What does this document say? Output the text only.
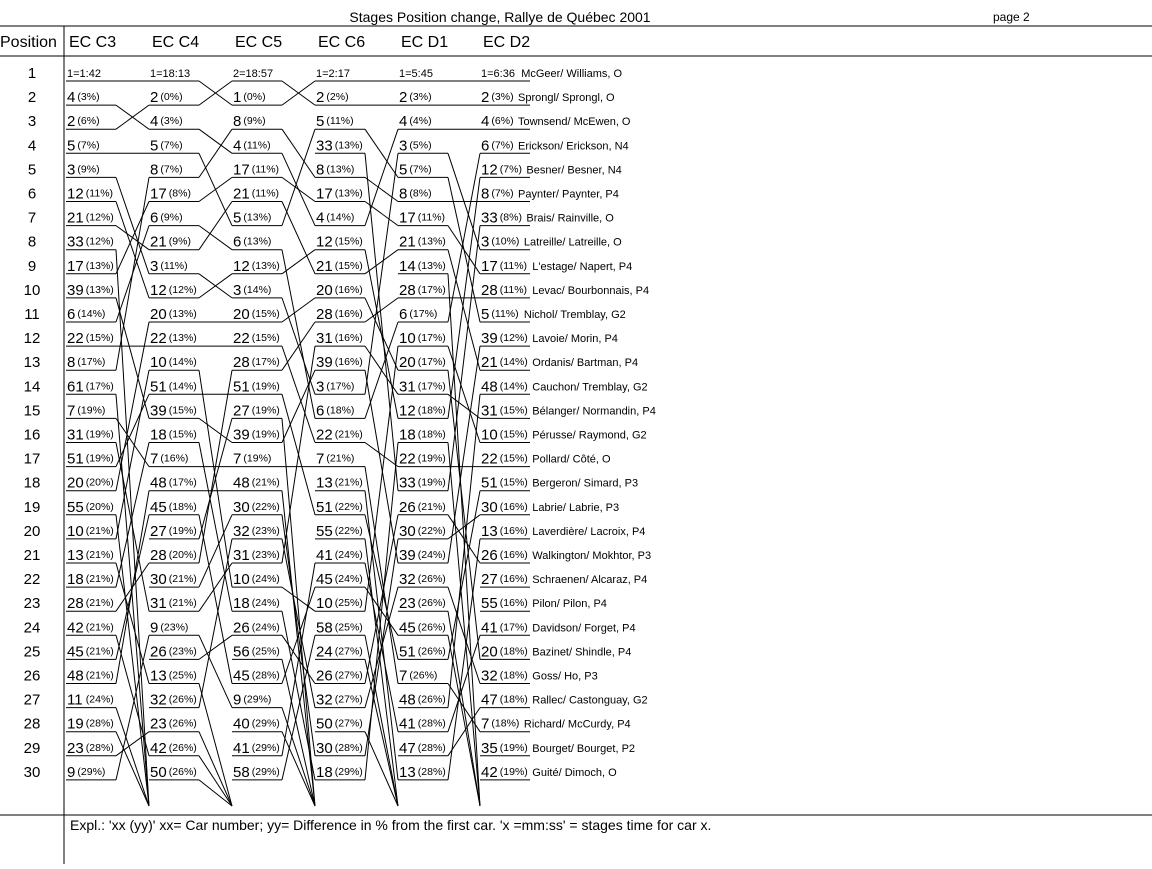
Stages Position change, Rallye de Québec 2001	page 2
Expl.: 'xx (yy)' xx= Car number; yy= Difference in % from the first car. 'x =mm:ss' = stages time for car x.
Position
1
2
3
4
5
6
7
8
9
10
11
12
13
14
15
16
17
18
19
20
21
22
23
24
25
26
27
28
29
30
EC C3
1=1:42
4 (3%)
2 (6%)
5 (7%)
3 (9%)
12 (11%)
21 (12%)
33 (12%)
17 (13%)
39 (13%)
6 (14%)
22 (15%)
8 (17%)
61 (17%)
7 (19%)
31 (19%)
51 (19%)
20 (20%)
55 (20%)
10 (21%)
13 (21%)
18 (21%)
28 (21%)
42 (21%)
45 (21%)
48 (21%)
11 (24%)
19 (28%)
23 (28%)
9 (29%)
EC C4
1=18:13
2 (0%)
4 (3%)
5 (7%)
8 (7%)
17 (8%)
6 (9%)
21 (9%)
3 (11%)
12 (12%)
20 (13%)
22 (13%)
10 (14%)
51 (14%)
39 (15%)
18 (15%)
7 (16%)
48 (17%)
45 (18%)
27 (19%)
28 (20%)
30 (21%)
31 (21%)
9 (23%)
26 (23%)
13 (25%)
32 (26%)
23 (26%)
42 (26%)
50 (26%)
EC C5
2=18:57
1 (0%)
8 (9%)
4 (11%)
17 (11%)
21 (11%)
5 (13%)
6 (13%)
12 (13%)
3 (14%)
20 (15%)
22 (15%)
28 (17%)
51 (19%)
27 (19%)
39 (19%)
7 (19%)
48 (21%)
30 (22%)
32 (23%)
31 (23%)
10 (24%)
18 (24%)
26 (24%)
56 (25%)
45 (28%)
9 (29%)
40 (29%)
41 (29%)
58 (29%)
EC C6
1=2:17
2 (2%)
5 (11%)
33 (13%)
8 (13%)
17 (13%)
4 (14%)
12 (15%)
21 (15%)
20 (16%)
28 (16%)
31 (16%)
39 (16%)
3 (17%)
6 (18%)
22 (21%)
7 (21%)
13 (21%)
51 (22%)
55 (22%)
41 (24%)
45 (24%)
10 (25%)
58 (25%)
24 (27%)
26 (27%)
32 (27%)
50 (27%)
30 (28%)
18 (29%)
EC D1
1=5:45
2 (3%)
4 (4%)
3 (5%)
5 (7%)
8 (8%)
17 (11%)
21 (13%)
14 (13%)
28 (17%)
6 (17%)
10 (17%)
20 (17%)
31 (17%)
12 (18%)
18 (18%)
22 (19%)
33 (19%)
26 (21%)
30 (22%)
39 (24%)
32 (26%)
23 (26%)
45 (26%)
51 (26%)
7 (26%)
48 (26%)
41 (28%)
47 (28%)
13 (28%)
EC D2
1=6:36
2 (3%)
4 (6%)
6 (7%)
12 (7%)
8 (7%)
33 (8%)
3 (10%)
17 (11%)
28 (11%)
5 (11%)
39 (12%)
21 (14%)
48 (14%)
31 (15%)
10 (15%)
22 (15%)
51 (15%)
30 (16%)
13 (16%)
26 (16%)
27 (16%)
55 (16%)
41 (17%)
20 (18%)
32 (18%)
47 (18%)
7 (18%)
35 (19%)
42 (19%)
McGeer/ Williams, O
Sprongl/ Sprongl, O
Townsend/ McEwen, O
Erickson/ Erickson, N4
Besner/ Besner, N4
Paynter/ Paynter, P4
Brais/ Rainville, O
Latreille/ Latreille, O
L'estage/ Napert, P4
Levac/ Bourbonnais, P4
Nichol/ Tremblay, G2
Lavoie/ Morin, P4
Ordanis/ Bartman, P4
Cauchon/ Tremblay, G2
Bélanger/ Normandin, P4
Pérusse/ Raymond, G2
Pollard/ Côté, O
Bergeron/ Simard, P3
Labrie/ Labrie, P3
Laverdière/ Lacroix, P4
Walkington/ Mokhtor, P3
Schraenen/ Alcaraz, P4
Pilon/ Pilon, P4
Davidson/ Forget, P4
Bazinet/ Shindle, P4
Goss/ Ho, P3
Rallec/ Castonguay, G2
Richard/ McCurdy, P4
Bourget/ Bourget, P2
Guité/ Dimoch, O
